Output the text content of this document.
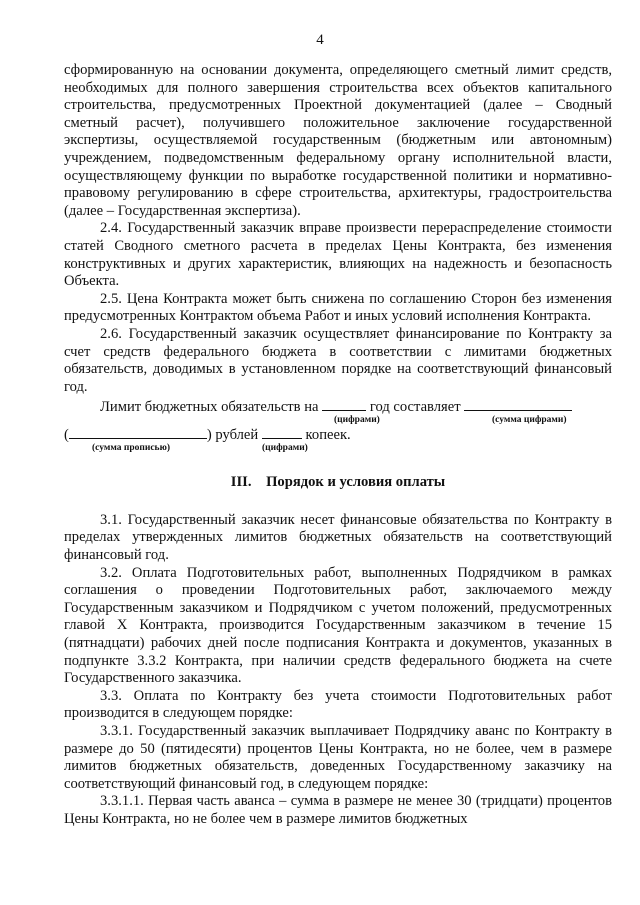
4

сформированную на основании документа, определяющего сметный лимит средств, необходимых для полного завершения строительства всех объектов капитального строительства, предусмотренных Проектной документацией (далее – Сводный сметный расчет), получившего положительное заключение государственной экспертизы, осуществляемой государственным (бюджетным или автономным) учреждением, подведомственным федеральному органу исполнительной власти, осуществляющему функции по выработке государственной политики и нормативно-правовому регулированию в сфере строительства, архитектуры, градостроительства (далее – Государственная экспертиза).

2.4. Государственный заказчик вправе произвести перераспределение стоимости статей Сводного сметного расчета в пределах Цены Контракта, без изменения конструктивных и других характеристик, влияющих на надежность и безопасность Объекта.

2.5. Цена Контракта может быть снижена по соглашению Сторон без изменения предусмотренных Контрактом объема Работ и иных условий исполнения Контракта.

2.6. Государственный заказчик осуществляет финансирование по Контракту за счет средств федерального бюджета в соответствии с лимитами бюджетных обязательств, доводимых в установленном порядке на соответствующий финансовый год.

Лимит бюджетных обязательств на	год составляет
(цифрами)	(сумма цифрами)
(	) рублей	копеек.
(сумма прописью)	(цифрами)
III.    Порядок и условия оплаты

3.1. Государственный заказчик несет финансовые обязательства по Контракту в пределах утвержденных лимитов бюджетных обязательств на соответствующий финансовый год.

3.2. Оплата Подготовительных работ, выполненных Подрядчиком в рамках соглашения о проведении Подготовительных работ, заключаемого между Государственным заказчиком и Подрядчиком с учетом положений, предусмотренных главой X Контракта, производится Государственным заказчиком в течение 15 (пятнадцати) рабочих дней после подписания Контракта и документов, указанных в подпункте 3.3.2 Контракта, при наличии средств федерального бюджета на счете Государственного заказчика.

3.3. Оплата по Контракту без учета стоимости Подготовительных работ производится в следующем порядке:

3.3.1. Государственный заказчик выплачивает Подрядчику аванс по Контракту в размере до 50 (пятидесяти) процентов Цены Контракта, но не более, чем в размере лимитов бюджетных обязательств, доведенных Государственному заказчику на соответствующий финансовый год, в следующем порядке:

3.3.1.1. Первая часть аванса – сумма в размере не менее 30 (тридцати) процентов Цены Контракта, но не более чем в размере лимитов бюджетных
